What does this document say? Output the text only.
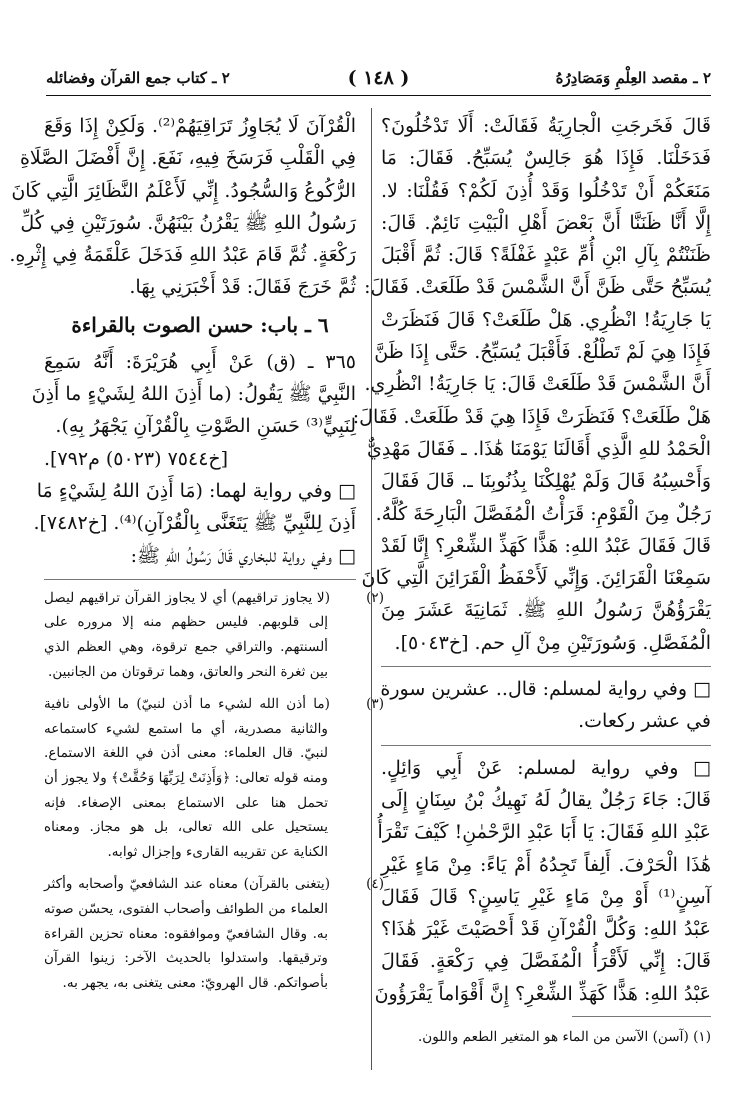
٢ ـ مقصد العِلْمِ وَمَصَادِرُهُ
( ١٤٨ )
٢ ـ كتاب جمع القرآن وفضائله
قَالَ فَخَرجَتِ الْجارِيَةُ فَقَالَتْ: أَلَا تَدْخُلُونَ؟
فَدَخَلْنَا. فَإِذَا هُوَ جَالِسٌ يُسَبِّحُ. فَقَالَ: مَا
مَنَعَكُمْ أَنْ تَدْخُلُوا وَقَدْ أُذِنَ لَكُمْ؟ فَقُلْنَا: لا.
إِلَّا أَنَّا ظَنَنَّا أَنَّ بَعْضَ أَهْلِ الْبَيْتِ نَائِمٌ. قَالَ:
ظَنَنْتُمْ بِآلِ ابْنِ أُمِّ عَبْدٍ غَفْلَةً؟ قَالَ: ثُمَّ أَقْبَلَ
يُسَبِّحُ حَتَّى ظَنَّ أَنَّ الشَّمْسَ قَدْ طَلَعَتْ. فَقَالَ:
يَا جَارِيَةُ! انْظُرِي. هَلْ طَلَعَتْ؟ قَالَ فَنَظَرَتْ
فَإِذَا هِيَ لَمْ تَطْلُعْ. فَأَقْبَلَ يُسَبِّحُ. حَتَّى إِذَا ظَنَّ
أَنَّ الشَّمْسَ قَدْ طَلَعَتْ قَالَ: يَا جَارِيَةُ! انْظُرِي.
هَلْ طَلَعَتْ؟ فَنَظَرَتْ فَإِذَا هِيَ قَدْ طَلَعَتْ. فَقَالَ:
الْحَمْدُ للهِ الَّذِي أَقَالَنَا يَوْمَنَا هَٰذَا. ـ فَقَالَ مَهْدِيٌّ
وَأَحْسِبُهُ قَالَ وَلَمْ يُهْلِكْنَا بِذُنُوبِنَا ـ. قَالَ فَقَالَ
رَجُلٌ مِنَ الْقَوْمِ: قَرَأْتُ الْمُفَصَّلَ الْبَارِحَةَ كُلَّهُ.
قَالَ فَقَالَ عَبْدُ اللهِ: هَذًّا كَهَذِّ الشِّعْرِ؟ إِنَّا لَقَدْ
سَمِعْنَا الْقَرَائِنَ. وَإِنِّي لَأَحْفَظُ الْقَرَائِنَ الَّتِي كَانَ
يَقْرَؤُهُنَّ رَسُولُ اللهِ ﷺ. ثَمَانِيَةَ عَشَرَ مِنَ
الْمُفَصَّلِ. وَسُورَتَيْنِ مِنْ آلِ حم. [خ٥٠٤٣].
□ وفي رواية لمسلم: قال.. عشرين سورة
في عشر ركعات.
□ وفي رواية لمسلم: عَنْ أَبِي وَائِلٍ.
قَالَ: جَاءَ رَجُلٌ يقالُ لَهُ نَهِيكُ بْنُ سِنَانٍ إِلَى
عَبْدِ اللهِ فَقَالَ: يَا أَبَا عَبْدِ الرَّحْمٰنِ! كَيْفَ تَقْرَأُ
هَٰذَا الْحَرْفَ. أَلِفاً تَجِدُهُ أَمْ يَاءً: مِنْ مَاءٍ غَيْرِ
آسِنٍ⁽¹⁾ أَوْ مِنْ مَاءٍ غَيْرِ يَاسِنٍ؟ قَالَ فَقَالَ
عَبْدُ اللهِ: وَكُلَّ الْقُرْآنِ قَدْ أَحْصَيْتَ غَيْرَ هَٰذَا؟
قَالَ: إِنِّي لَأَقْرَأُ الْمُفَصَّلَ فِي رَكْعَةٍ. فَقَالَ
عَبْدُ اللهِ: هَذًّا كَهَذِّ الشِّعْرِ؟ إِنَّ أَقْوَاماً يَقْرَؤُونَ
(١) (آسن) الآسن من الماء هو المتغير الطعم واللون.
الْقُرْآنَ لَا يُجَاوِزُ تَرَاقِيَهُمْ⁽²⁾. وَلَكِنْ إِذَا وَقَعَ
فِي الْقَلْبِ فَرَسَخَ فِيهِ، نَفَعَ. إِنَّ أَفْضَلَ الصَّلَاةِ
الرُّكُوعُ وَالسُّجُودُ. إِنِّي لَأَعْلَمُ النَّظَائِرَ الَّتِي كَانَ
رَسُولُ اللهِ ﷺ يَقْرُنُ بَيْنَهُنَّ. سُورَتَيْنِ فِي كُلِّ
رَكْعَةٍ. ثُمَّ قَامَ عَبْدُ اللهِ فَدَخَلَ عَلْقَمَةُ فِي إِثْرِهِ.
ثُمَّ خَرَجَ فَقَالَ: قَدْ أَخْبَرَنِي بِهَا.
٦ ـ باب: حسن الصوت بالقراءة
٣٦٥ ـ (ق) عَنْ أَبِي هُرَيْرَةَ: أَنَّهُ سَمِعَ
النَّبِيَّ ﷺ يَقُولُ: (ما أَذِنَ اللهُ لِشَيْءٍ ما أَذِنَ
لِنَبِيٍّ⁽³⁾ حَسَنِ الصَّوْتِ بِالْقُرْآنِ يَجْهَرُ بِهِ).
[خ٧٥٤٤ (٥٠٢٣) م٧٩٢].
□ وفي رواية لهما: (مَا أَذِنَ اللهُ لِشَيْءٍ مَا
أَذِنَ لِلنَّبِيِّ ﷺ يَتَغَنَّى بِالْقُرْآنِ)⁽⁴⁾. [خ٧٤٨٢].
□ وفي رواية للبخاري قَالَ رَسُولُ اللهِ ﷺ:
(٢)(لا يجاوز تراقيهم) أي لا يجاوز القرآن تراقيهم ليصل إلى قلوبهم. فليس حظهم منه إلا مروره على ألسنتهم. والتراقي جمع ترقوة، وهي العظم الذي بين ثغرة النحر والعاتق، وهما ترقوتان من الجانبين.
(٣)(ما أذن الله لشيء ما أذن لنبيّ) ما الأولى نافية والثانية مصدرية، أي ما استمع لشيء كاستماعه لنبيّ. قال العلماء: معنى أذن في اللغة الاستماع. ومنه قوله تعالى: ﴿وَأَذِنَتْ لِرَبِّهَا وَحُقَّتْ﴾ ولا يجوز أن تحمل هنا على الاستماع بمعنى الإصغاء. فإنه يستحيل على الله تعالى، بل هو مجاز. ومعناه الكناية عن تقريبه القارىء وإجزال ثوابه.
(٤)(يتغنى بالقرآن) معناه عند الشافعيّ وأصحابه وأكثر العلماء من الطوائف وأصحاب الفتوى، يحسّن صوته به. وقال الشافعيّ وموافقوه: معناه تحزين القراءة وترقيقها. واستدلوا بالحديث الآخر: زينوا القرآن بأصواتكم. قال الهرويّ: معنى يتغنى به، يجهر به.
